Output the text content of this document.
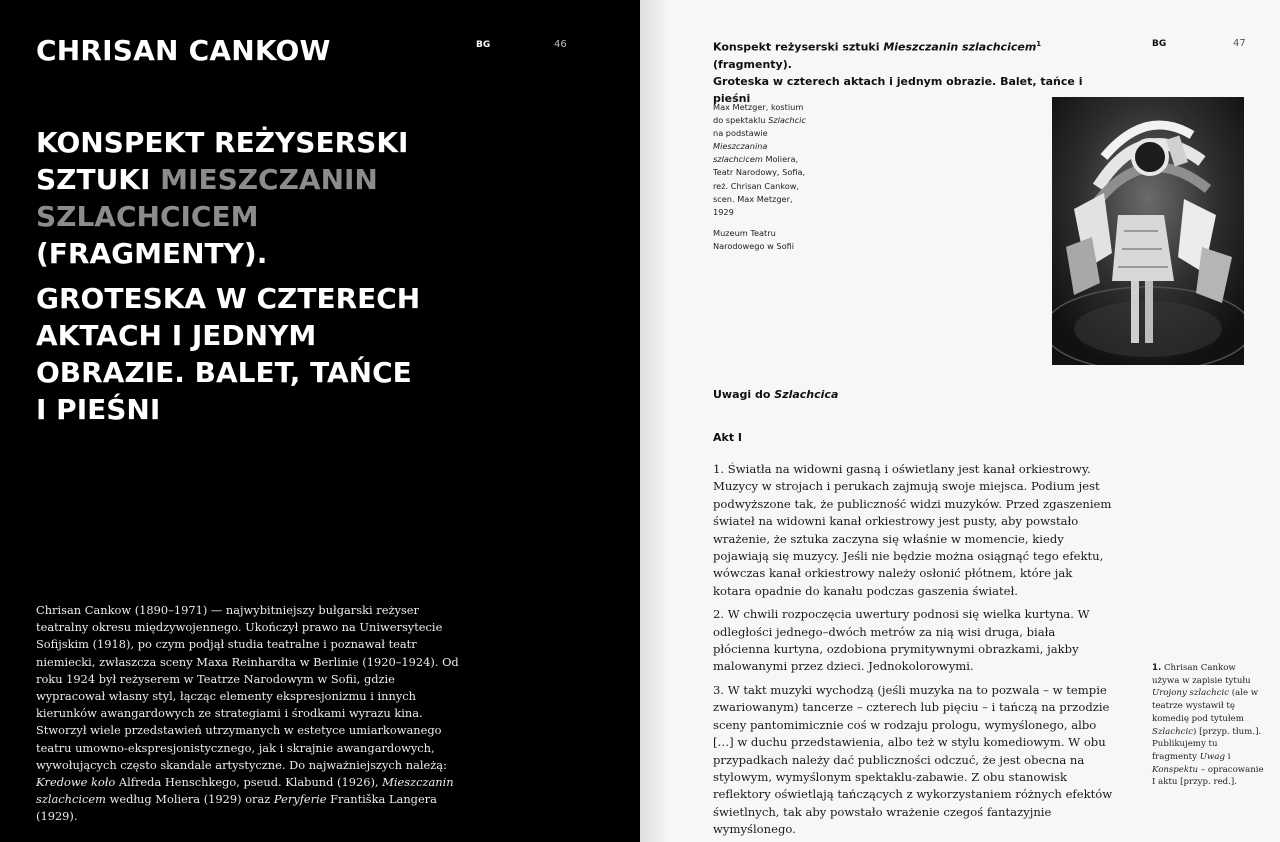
CHRISAN CANKOW	BG	46

KONSPEKT REŻYSERSKI
SZTUKI MIESZCZANIN
SZLACHCICEM
(FRAGMENTY).

GROTESKA W CZTERECH
AKTACH I JEDNYM
OBRAZIE. BALET, TAŃCE
I PIEŚNI

Chrisan Cankow (1890–1971) — najwybitniejszy bułgarski reżyser teatralny okresu międzywojennego. Ukończył prawo na Uniwersytecie Sofijskim (1918), po czym podjął studia teatralne i poznawał teatr niemiecki, zwłaszcza sceny Maxa Reinhardta w Berlinie (1920–1924). Od roku 1924 był reżyserem w Teatrze Narodowym w Sofii, gdzie wypracował własny styl, łącząc elementy ekspresjonizmu i innych kierunków awangardowych ze strategiami i środkami wyrazu kina. Stworzył wiele przedstawień utrzymanych w estetyce umiarkowanego teatru umowno-ekspresjonistycznego, jak i skrajnie awangardowych, wywołujących często skandale artystyczne. Do najważniejszych należą: Kredowe koło Alfreda Henschkego, pseud. Klabund (1926), Mieszczanin szlachcicem według Moliera (1929) oraz Peryferie Františka Langera (1929).
Konspekt reżyserski sztuki Mieszczanin szlachcicem$^1$ (fragmenty).
Groteska w czterech aktach i jednym obrazie. Balet, tańce i pieśni
BG	47
Max Metzger, kostium do spektaklu Szlachcic na podstawie Mieszczanina szlachcicem Moliera, Teatr Narodowy, Sofia, reż. Chrisan Cankow, scen. Max Metzger, 1929
Muzeum Teatru Narodowego w Sofii
Uwagi do Szlachcica
Akt I

1. Światła na widowni gasną i oświetlany jest kanał orkiestrowy. Muzycy w strojach i perukach zajmują swoje miejsca. Podium jest podwyższone tak, że publiczność widzi muzyków. Przed zgaszeniem świateł na widowni kanał orkiestrowy jest pusty, aby powstało wrażenie, że sztuka zaczyna się właśnie w momencie, kiedy pojawiają się muzycy. Jeśli nie będzie można osiągnąć tego efektu, wówczas kanał orkiestrowy należy osłonić płótnem, które jak kotara opadnie do kanału podczas gaszenia świateł.

2. W chwili rozpoczęcia uwertury podnosi się wielka kurtyna. W odległości jednego–dwóch metrów za nią wisi druga, biała płócienna kurtyna, ozdobiona prymitywnymi obrazkami, jakby malowanymi przez dzieci. Jednokolorowymi.

3. W takt muzyki wychodzą (jeśli muzyka na to pozwala – w tempie zwariowanym) tancerze – czterech lub pięciu – i tańczą na przodzie sceny pantomimicznie coś w rodzaju prologu, wymyślonego, albo […] w duchu przedstawienia, albo też w stylu komediowym. W obu przypadkach należy dać publiczności odczuć, że jest obecna na stylowym, wymyślonym spektaklu-zabawie. Z obu stanowisk reflektory oświetlają tańczących z wykorzystaniem różnych efektów świetlnych, tak aby powstało wrażenie czegoś fantazyjnie wymyślonego.

1. Chrisan Cankow używa w zapisie tytułu Urojony szlachcic (ale w teatrze wystawił tę komedię pod tytułem Szlachcic) [przyp. tłum.]. Publikujemy tu fragmenty Uwag i Konspektu – opracowanie I aktu [przyp. red.].
